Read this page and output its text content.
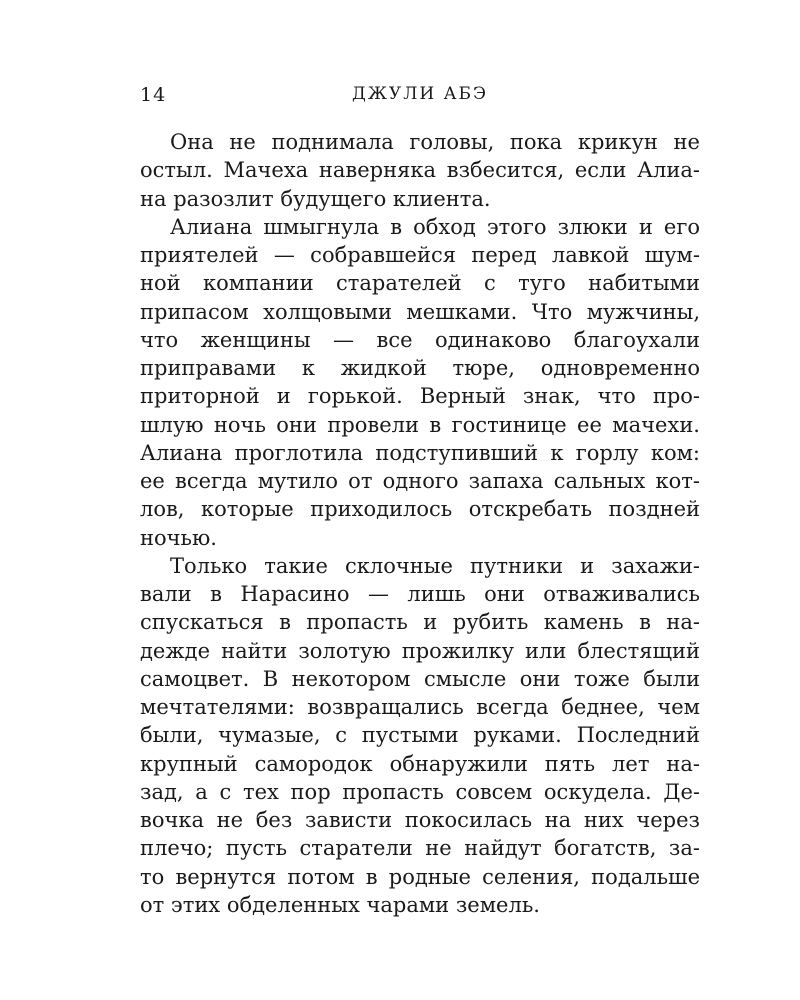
14	ДЖУЛИ АБЭ

Она не поднимала головы, пока крикун не
остыл. Мачеха наверняка взбесится, если Алиа-
на разозлит будущего клиента.

Алиана шмыгнула в обход этого злюки и его
приятелей — собравшейся перед лавкой шум-
ной компании старателей с туго набитыми
припасом холщовыми мешками. Что мужчины,
что женщины — все одинаково благоухали
приправами к жидкой тюре, одновременно
приторной и горькой. Верный знак, что про-
шлую ночь они провели в гостинице ее мачехи.
Алиана проглотила подступивший к горлу ком:
ее всегда мутило от одного запаха сальных кот-
лов, которые приходилось отскребать поздней
ночью.

Только такие склочные путники и захажи-
вали в Нарасино — лишь они отваживались
спускаться в пропасть и рубить камень в на-
дежде найти золотую прожилку или блестящий
самоцвет. В некотором смысле они тоже были
мечтателями: возвращались всегда беднее, чем
были, чумазые, с пустыми руками. Последний
крупный самородок обнаружили пять лет на-
зад, а с тех пор пропасть совсем оскудела. Де-
вочка не без зависти покосилась на них через
плечо; пусть старатели не найдут богатств, за-
то вернутся потом в родные селения, подальше
от этих обделенных чарами земель.
